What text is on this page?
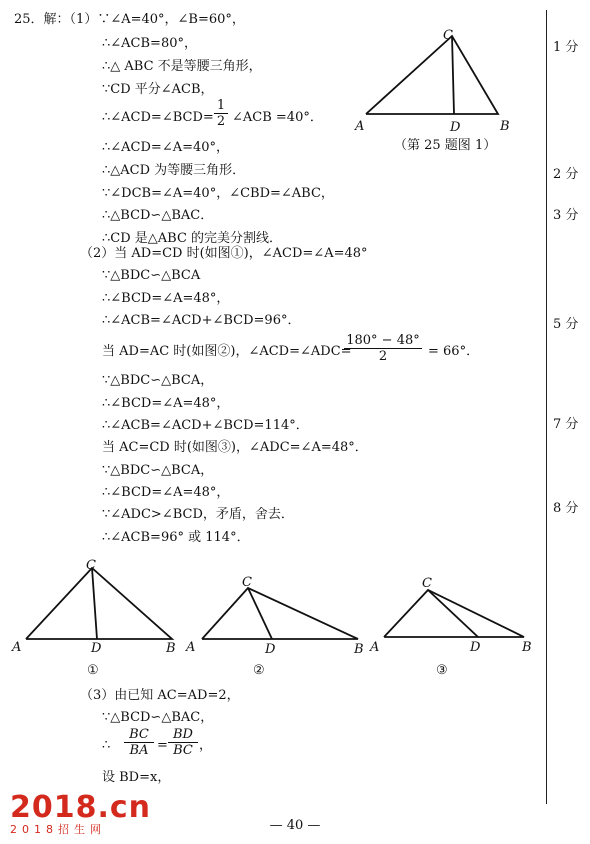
25．解：（1）∵∠A=40°，∠B=60°，
∴∠ACB=80°，
∴△ ABC 不是等腰三角形，
∵CD 平分∠ACB，
∴∠ACD=∠BCD= $\frac{1}{2}$ ∠ACB =40°．
∴∠ACD=∠A=40°，
∴△ACD 为等腰三角形．
∵∠DCB=∠A=40°，∠CBD=∠ABC，
∴△BCD∽△BAC．
∴CD 是△ABC 的完美分割线．
C
A	D	B
（第 25 题图 1）
（2）当 AD=CD 时(如图①)，∠ACD=∠A=48°
∵△BDC∽△BCA
∴∠BCD=∠A=48°，
∴∠ACB=∠ACD+∠BCD=96°．
当 AD=AC 时(如图②)，∠ACD=∠ADC=
$\frac{180^\circ - 48^\circ}{2} = 66^\circ$．
∵△BDC∽△BCA，
∴∠BCD=∠A=48°，
∴∠ACB=∠ACD+∠BCD=114°．
当 AC=CD 时(如图③)，∠ADC=∠A=48°．
∵△BDC∽△BCA，
∴∠BCD=∠A=48°，
∵∠ADC>∠BCD，矛盾，舍去．
∴∠ACB=96° 或 114°．
C
A	D	B
①
C
A	D	B
②
C
A	D	B
③
（3）由已知 AC=AD=2，
∵△BCD∽△BAC，
∴ $\frac{BC}{BA} = \frac{BD}{BC}$ ，
设 BD=x，
1 分
2 分
3 分
5 分
7 分
8 分
— 40 —
2018.cn
2018招生网
